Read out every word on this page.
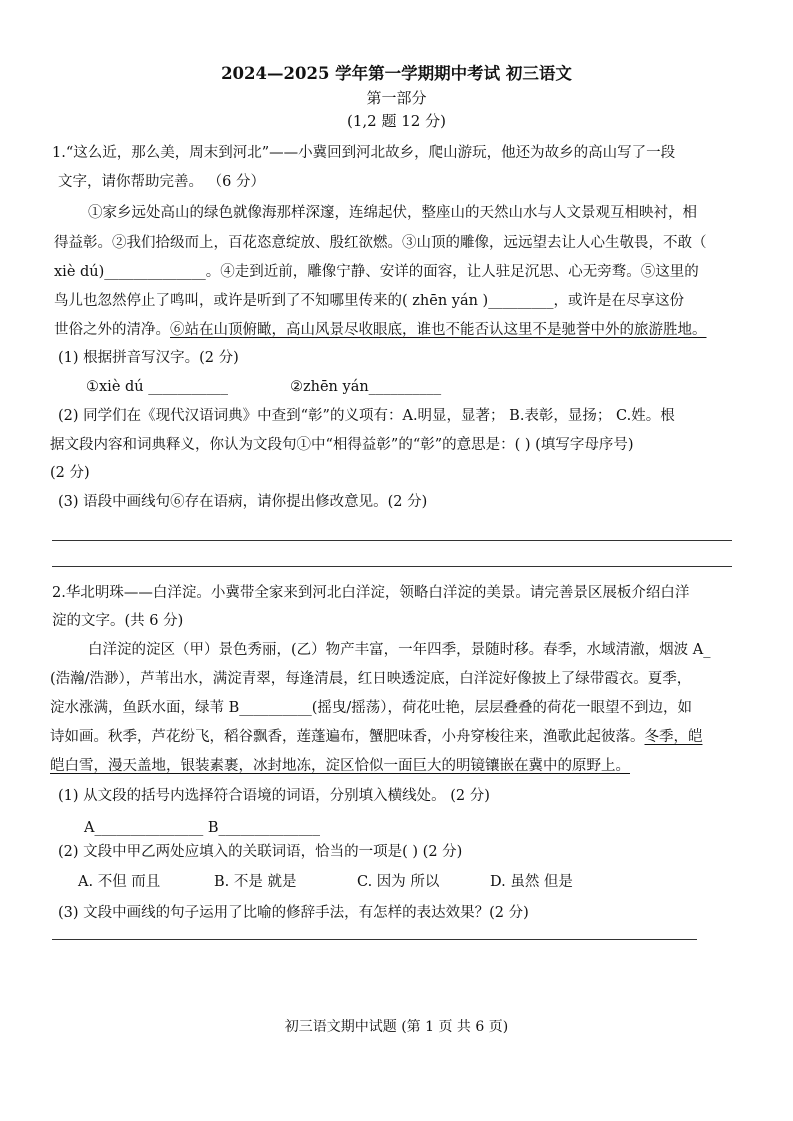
2024—2025 学年第一学期期中考试 初三语文
第一部分
(1,2 题 12 分)
1.“这么近，那么美，周末到河北”——小冀回到河北故乡，爬山游玩，他还为故乡的高山写了一段
文字，请你帮助完善。 （6 分）
①家乡远处高山的绿色就像海那样深邃，连绵起伏，整座山的天然山水与人文景观互相映衬，相
得益彰。②我们拾级而上，百花恣意绽放、殷红欲燃。③山顶的雕像，远远望去让人心生敬畏，不敢（
xiè dú)______________。④走到近前，雕像宁静、安详的面容，让人驻足沉思、心无旁骛。⑤这里的
鸟儿也忽然停止了鸣叫，或许是听到了不知哪里传来的( zhēn yán )_________，或许是在尽享这份
世俗之外的清净。⑥站在山顶俯瞰，高山风景尽收眼底，谁也不能否认这里不是驰誉中外的旅游胜地。
(1) 根据拼音写汉字。(2 分)
①xiè dú ___________	②zhēn yán__________
(2) 同学们在《现代汉语词典》中查到“彰”的义项有：A.明显，显著； B.表彰，显扬； C.姓。根
据文段内容和词典释义，你认为文段句①中“相得益彰”的“彰”的意思是：( ) (填写字母序号)
(2 分)
(3) 语段中画线句⑥存在语病，请你提出修改意见。(2 分)
2.华北明珠——白洋淀。小冀带全家来到河北白洋淀，领略白洋淀的美景。请完善景区展板介绍白洋
淀的文字。(共 6 分)
白洋淀的淀区（甲）景色秀丽，(乙）物产丰富，一年四季，景随时移。春季，水域清澈，烟波 A_
(浩瀚/浩渺），芦苇出水，满淀青翠，每逢清晨，红日映透淀底，白洋淀好像披上了绿带霞衣。夏季，
淀水涨满，鱼跃水面，绿苇 B__________(摇曳/摇荡），荷花吐艳，层层叠叠的荷花一眼望不到边，如
诗如画。秋季，芦花纷飞，稻谷飘香，莲蓬遍布，蟹肥味香，小舟穿梭往来，渔歌此起彼落。冬季，皑
皑白雪，漫天盖地，银装素裹，冰封地冻，淀区恰似一面巨大的明镜镶嵌在冀中的原野上。
(1) 从文段的括号内选择符合语境的词语，分别填入横线处。 (2 分)
A_______________ B______________
(2) 文段中甲乙两处应填入的关联词语，恰当的一项是( ) (2 分)
A. 不但 而且	B. 不是 就是	C. 因为 所以	D. 虽然 但是
(3) 文段中画线的句子运用了比喻的修辞手法，有怎样的表达效果？(2 分)
初三语文期中试题 (第 1 页 共 6 页)
